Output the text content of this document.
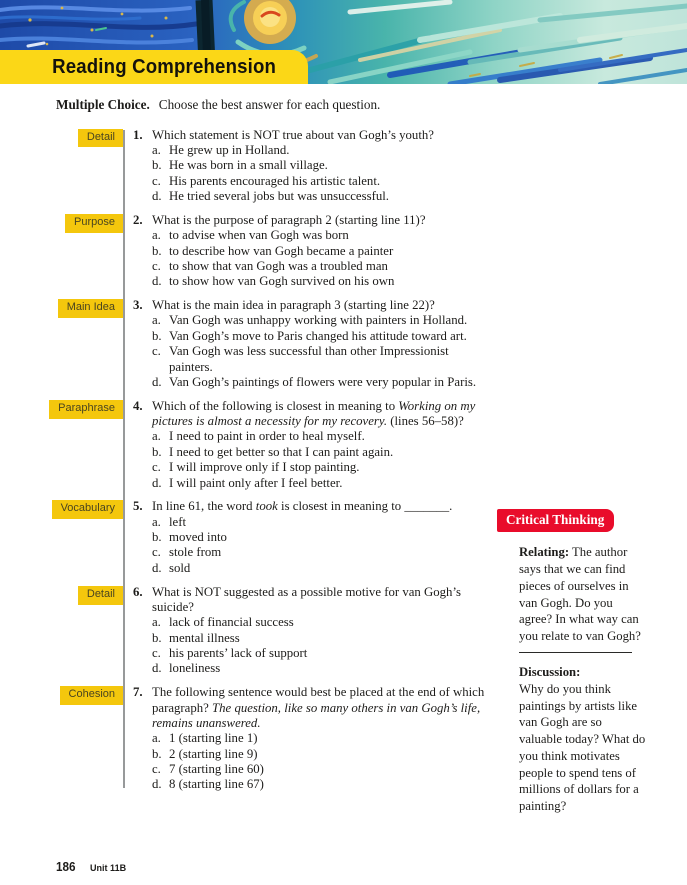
Reading Comprehension
Multiple Choice. Choose the best answer for each question.
Detail	1. Which statement is NOT true about van Gogh’s youth?
a. He grew up in Holland.
b. He was born in a small village.
c. His parents encouraged his artistic talent.
d. He tried several jobs but was unsuccessful.
Purpose	2. What is the purpose of paragraph 2 (starting line 11)?
a. to advise when van Gogh was born
b. to describe how van Gogh became a painter
c. to show that van Gogh was a troubled man
d. to show how van Gogh survived on his own
Main Idea	3. What is the main idea in paragraph 3 (starting line 22)?
a. Van Gogh was unhappy working with painters in Holland.
b. Van Gogh’s move to Paris changed his attitude toward art.
c. Van Gogh was less successful than other Impressionist painters.
d. Van Gogh’s paintings of flowers were very popular in Paris.
Paraphrase	4. Which of the following is closest in meaning to Working on my pictures is almost a necessity for my recovery. (lines 56–58)?
a. I need to paint in order to heal myself.
b. I need to get better so that I can paint again.
c. I will improve only if I stop painting.
d. I will paint only after I feel better.
Vocabulary	5. In line 61, the word took is closest in meaning to _______.
a. left
b. moved into
c. stole from
d. sold
Detail	6. What is NOT suggested as a possible motive for van Gogh’s suicide?
a. lack of financial success
b. mental illness
c. his parents’ lack of support
d. loneliness
Cohesion	7. The following sentence would best be placed at the end of which paragraph? The question, like so many others in van Gogh’s life, remains unanswered.
a. 1 (starting line 1)
b. 2 (starting line 9)
c. 7 (starting line 60)
d. 8 (starting line 67)
Critical Thinking
Relating: The author says that we can find pieces of ourselves in van Gogh. Do you agree? In what way can you relate to van Gogh?
Discussion:
Why do you think paintings by artists like van Gogh are so valuable today? What do you think motivates people to spend tens of millions of dollars for a painting?
186 Unit 11B
